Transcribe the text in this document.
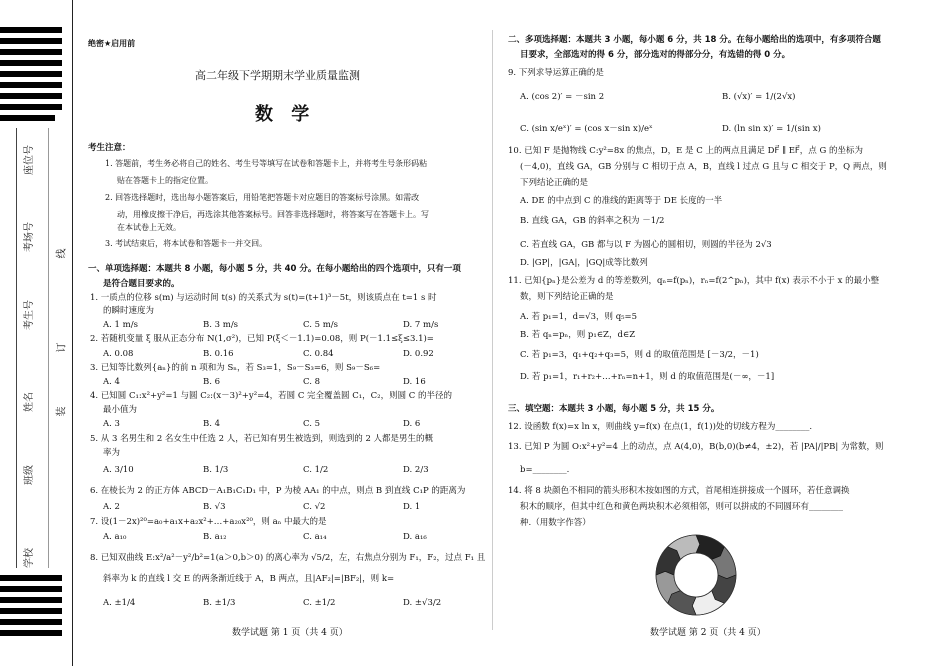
座位号
考场号
考生号
姓名
班级
学校
线
订
装
绝密★启用前
高二年级下学期期末学业质量监测
数 学
考生注意：
1. 答题前，考生务必将自己的姓名、考生号等填写在试卷和答题卡上，并将考生号条形码粘
贴在答题卡上的指定位置。
2. 回答选择题时，选出每小题答案后，用铅笔把答题卡对应题目的答案标号涂黑。如需改
动，用橡皮擦干净后，再选涂其他答案标号。回答非选择题时，将答案写在答题卡上。写
在本试卷上无效。
3. 考试结束后，将本试卷和答题卡一并交回。
一、单项选择题：本题共 8 小题，每小题 5 分，共 40 分。在每小题给出的四个选项中，只有一项
是符合题目要求的。
1. 一质点的位移 s(m) 与运动时间 t(s) 的关系式为 s(t)=(t+1)³－5t，则该质点在 t=1 s 时
的瞬时速度为
A. 1 m/s	B. 3 m/s	C. 5 m/s	D. 7 m/s
2. 若随机变量 ξ 服从正态分布 N(1,σ²)，已知 P(ξ＜－1.1)=0.08，则 P(－1.1≤ξ≤3.1)=
A. 0.08	B. 0.16	C. 0.84	D. 0.92
3. 已知等比数列{aₙ}的前 n 项和为 Sₙ，若 S₃=1，S₉－S₃=6，则 S₉－S₆=
A. 4	B. 6	C. 8	D. 16
4. 已知圆 C₁:x²+y²=1 与圆 C₂:(x－3)²+y²=4，若圆 C 完全覆盖圆 C₁，C₂，则圆 C 的半径的
最小值为
A. 3	B. 4	C. 5	D. 6
5. 从 3 名男生和 2 名女生中任选 2 人，若已知有男生被选到，则选到的 2 人都是男生的概
率为
A. 3/10	B. 1/3	C. 1/2	D. 2/3
6. 在棱长为 2 的正方体 ABCD－A₁B₁C₁D₁ 中，P 为棱 AA₁ 的中点，则点 B 到直线 C₁P 的距离为
A. 2	B. √3	C. √2	D. 1
7. 设(1－2x)²⁰=a₀+a₁x+a₂x²+…+a₂₀x²⁰，则 aₙ 中最大的是
A. a₁₀	B. a₁₂	C. a₁₄	D. a₁₆
8. 已知双曲线 E:x²/a²－y²/b²=1(a＞0,b＞0) 的离心率为 √5/2，左，右焦点分别为 F₁，F₂，过点 F₁ 且
斜率为 k 的直线 l 交 E 的两条渐近线于 A，B 两点，且|AF₂|=|BF₂|，则 k=
A. ±1/4	B. ±1/3	C. ±1/2	D. ±√3/2
数学试题 第 1 页（共 4 页）
二、多项选择题：本题共 3 小题，每小题 6 分，共 18 分。在每小题给出的选项中，有多项符合题
目要求，全部选对的得 6 分，部分选对的得部分分，有选错的得 0 分。
9. 下列求导运算正确的是
A. (cos 2)′ = －sin 2	B. (√x)′ = 1/(2√x)
C. (sin x/eˣ)′ = (cos x－sin x)/eˣ	D. (ln sin x)′ = 1/(sin x)
10. 已知 F 是抛物线 C:y²=8x 的焦点，D，E 是 C 上的两点且满足 DF⃗ ∥ EF⃗，点 G 的坐标为
(－4,0)，直线 GA，GB 分别与 C 相切于点 A，B，直线 l 过点 G 且与 C 相交于 P，Q 两点，则
下列结论正确的是
A. DE 的中点到 C 的准线的距离等于 DE 长度的一半
B. 直线 GA，GB 的斜率之积为 －1/2
C. 若直线 GA，GB 都与以 F 为圆心的圆相切，则圆的半径为 2√3
D. |GP|，|GA|，|GQ|成等比数列
11. 已知{pₙ}是公差为 d 的等差数列，qₙ=f(pₙ)，rₙ=f(2^pₙ)，其中 f(x) 表示不小于 x 的最小整
数，则下列结论正确的是
A. 若 p₁=1，d=√3，则 q₅=5
B. 若 qₙ=pₙ，则 p₁∈Z，d∈Z
C. 若 p₁=3，q₁+q₂+q₃=5，则 d 的取值范围是 [－3/2，－1)
D. 若 p₁=1，r₁+r₂+…+rₙ=n+1，则 d 的取值范围是(－∞，－1]
三、填空题：本题共 3 小题，每小题 5 分，共 15 分。
12. 设函数 f(x)=x ln x，则曲线 y=f(x) 在点(1，f(1))处的切线方程为________.
13. 已知 P 为圆 O:x²+y²=4 上的动点，点 A(4,0)，B(b,0)(b≠4，±2)，若 |PA|/|PB| 为常数，则
b=________.
14. 将 8 块颜色不相同的箭头形积木按如图的方式，首尾相连拼接成一个圆环，若任意调换
积木的顺序，但其中红色和黄色两块积木必须相邻，则可以拼成的不同圆环有________
种.（用数字作答）
数学试题 第 2 页（共 4 页）
